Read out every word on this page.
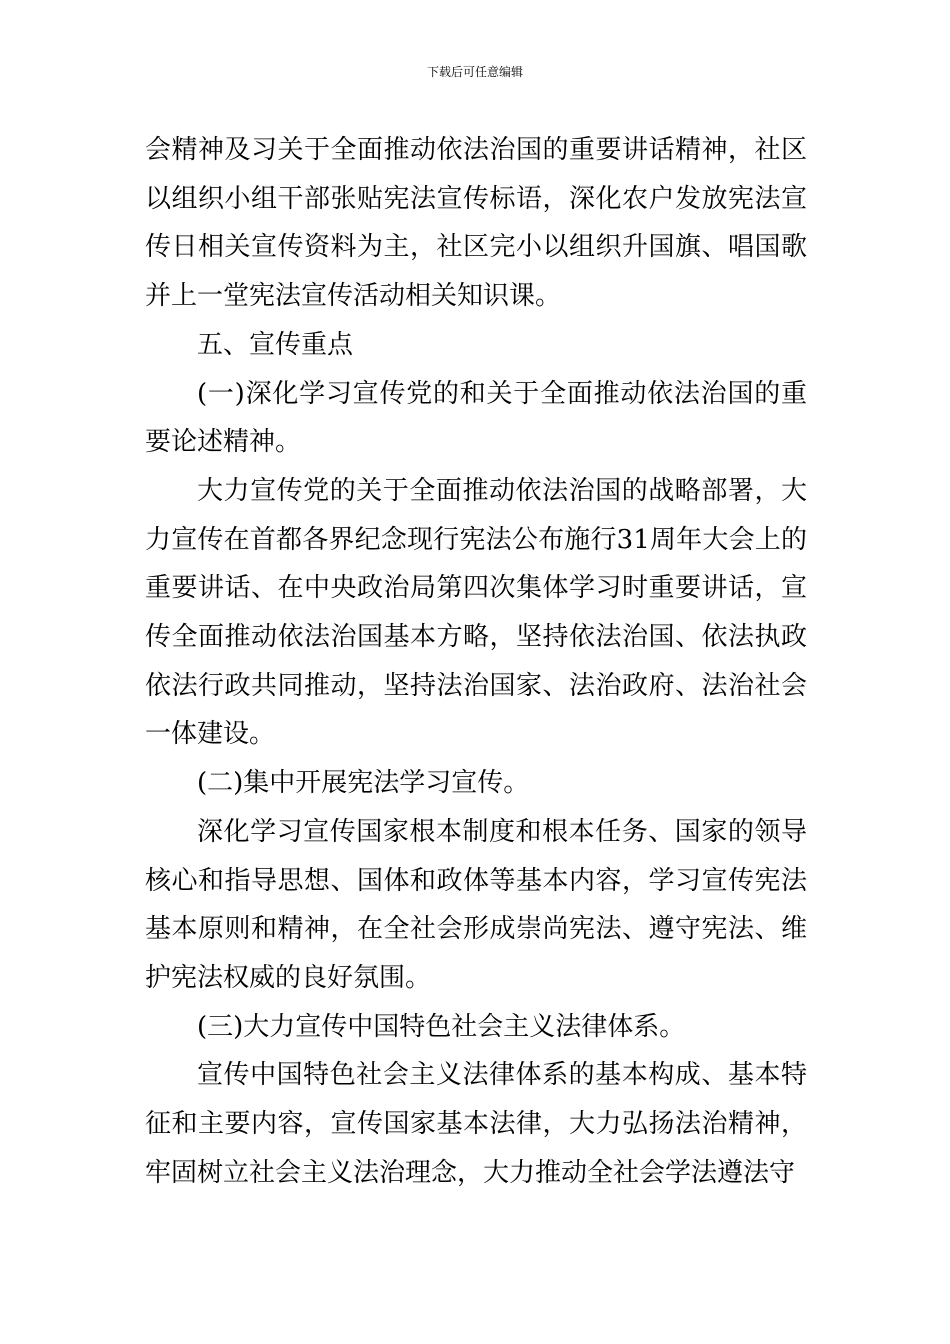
下载后可任意编辑

会精神及习关于全面推动依法治国的重要讲话精神，社区以组织小组干部张贴宪法宣传标语，深化农户发放宪法宣传日相关宣传资料为主，社区完小以组织升国旗、唱国歌并上一堂宪法宣传活动相关知识课。

五、宣传重点

(一)深化学习宣传党的和关于全面推动依法治国的重要论述精神。

大力宣传党的关于全面推动依法治国的战略部署，大力宣传在首都各界纪念现行宪法公布施行31周年大会上的重要讲话、在中央政治局第四次集体学习时重要讲话，宣传全面推动依法治国基本方略，坚持依法治国、依法执政依法行政共同推动，坚持法治国家、法治政府、法治社会一体建设。

(二)集中开展宪法学习宣传。

深化学习宣传国家根本制度和根本任务、国家的领导核心和指导思想、国体和政体等基本内容，学习宣传宪法基本原则和精神，在全社会形成崇尚宪法、遵守宪法、维护宪法权威的良好氛围。

(三)大力宣传中国特色社会主义法律体系。

宣传中国特色社会主义法律体系的基本构成、基本特征和主要内容，宣传国家基本法律，大力弘扬法治精神，牢固树立社会主义法治理念，大力推动全社会学法遵法守
